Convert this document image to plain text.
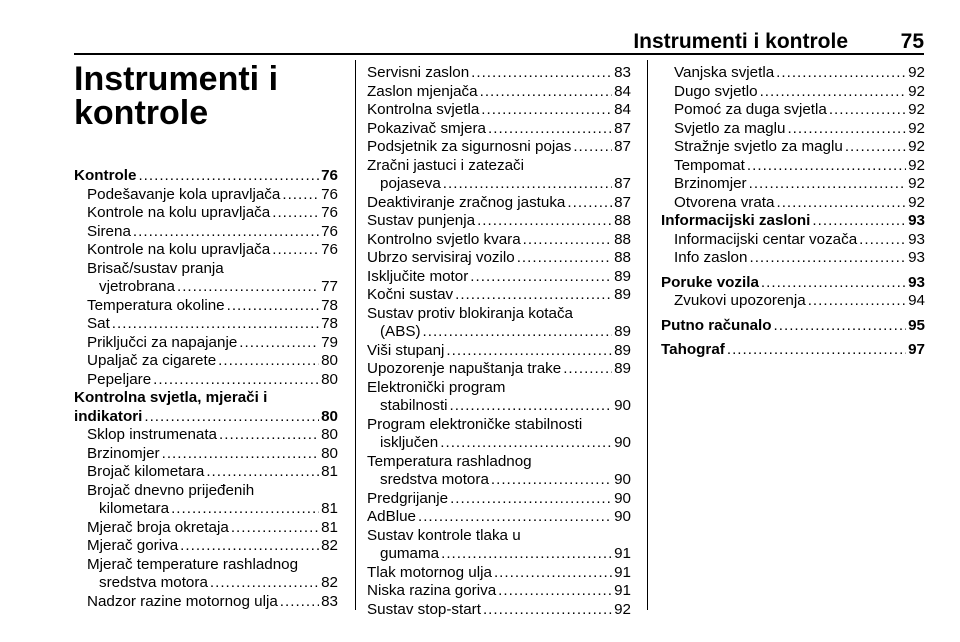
Instrumenti i kontrole	75
Instrumenti i
kontrole
Kontrole .....	76
Podešavanje kola upravljača .....	76
Kontrole na kolu upravljača .....	76
Sirena .....	76
Kontrole na kolu upravljača .....	76
Brisač/sustav pranja
vjetrobrana .....	77
Temperatura okoline .....	78
Sat .....	78
Priključci za napajanje .....	79
Upaljač za cigarete .....	80
Pepeljare .....	80
Kontrolna svjetla, mjerači i
indikatori .....	80
Sklop instrumenata .....	80
Brzinomjer .....	80
Brojač kilometara .....	81
Brojač dnevno prijeđenih
kilometara .....	81
Mjerač broja okretaja .....	81
Mjerač goriva .....	82
Mjerač temperature rashladnog
sredstva motora .....	82
Nadzor razine motornog ulja .....	83
Servisni zaslon .....	83
Zaslon mjenjača .....	84
Kontrolna svjetla .....	84
Pokazivač smjera .....	87
Podsjetnik za sigurnosni pojas .....	87
Zračni jastuci i zatezači
pojaseva .....	87
Deaktiviranje zračnog jastuka .....	87
Sustav punjenja .....	88
Kontrolno svjetlo kvara .....	88
Ubrzo servisiraj vozilo .....	88
Isključite motor .....	89
Kočni sustav .....	89
Sustav protiv blokiranja kotača
(ABS) .....	89
Viši stupanj .....	89
Upozorenje napuštanja trake .....	89
Elektronički program
stabilnosti .....	90
Program elektroničke stabilnosti
isključen .....	90
Temperatura rashladnog
sredstva motora .....	90
Predgrijanje .....	90
AdBlue .....	90
Sustav kontrole tlaka u
gumama .....	91
Tlak motornog ulja .....	91
Niska razina goriva .....	91
Sustav stop-start .....	92
Vanjska svjetla .....	92
Dugo svjetlo .....	92
Pomoć za duga svjetla .....	92
Svjetlo za maglu .....	92
Stražnje svjetlo za maglu .....	92
Tempomat .....	92
Brzinomjer .....	92
Otvorena vrata .....	92
Informacijski zasloni .....	93
Informacijski centar vozača .....	93
Info zaslon .....	93
Poruke vozila .....	93
Zvukovi upozorenja .....	94
Putno računalo .....	95
Tahograf .....	97
